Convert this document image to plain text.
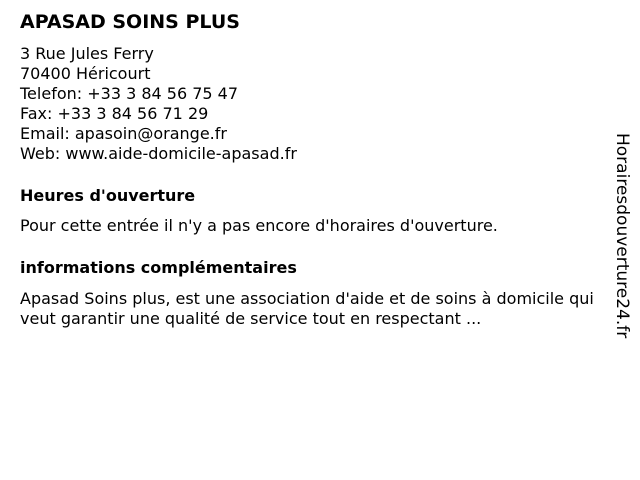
APASAD SOINS PLUS
3 Rue Jules Ferry
70400 Héricourt
Telefon: +33 3 84 56 75 47
Fax: +33 3 84 56 71 29
Email: apasoin@orange.fr
Web: www.aide-domicile-apasad.fr
Heures d'ouverture
Pour cette entrée il n'y a pas encore d'horaires d'ouverture.
informations complémentaires
Apasad Soins plus, est une association d'aide et de soins à domicile qui veut garantir une qualité de service tout en respectant ...	Horairesdouverture24.fr
